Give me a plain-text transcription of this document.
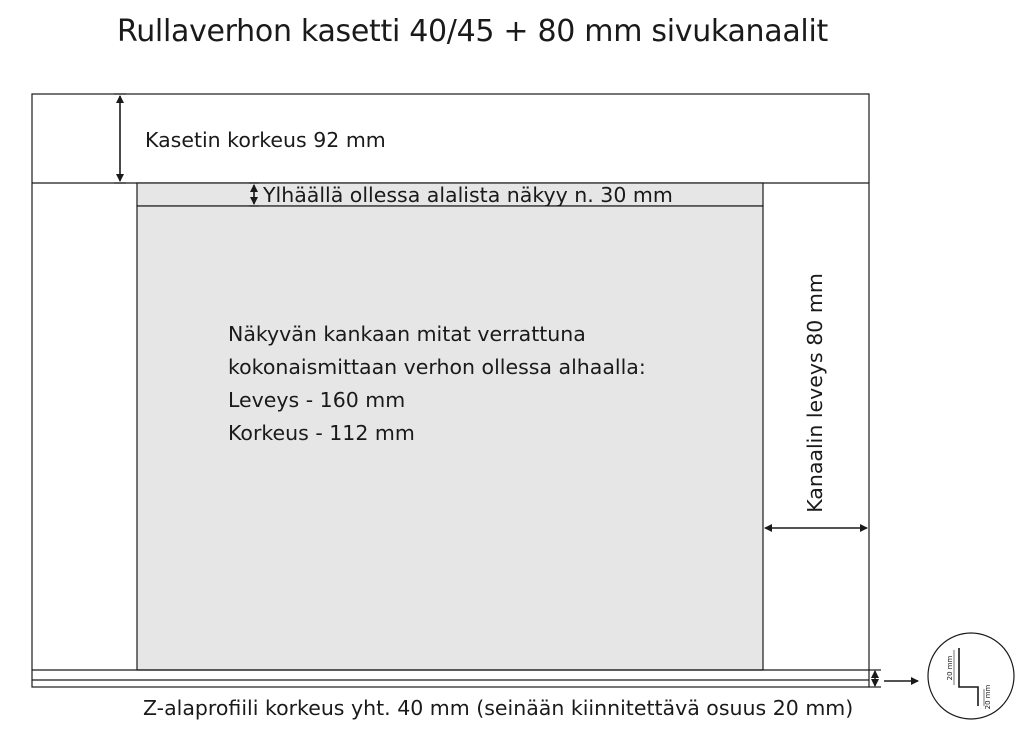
Rullaverhon kasetti 40/45 + 80 mm sivukanaalit
20 mm
20 mm
Kanaalin leveys 80 mm
Kasetin korkeus 92 mm
Ylhäällä ollessa alalista näkyy n. 30 mm
Näkyvän kankaan mitat verrattuna
kokonaismittaan verhon ollessa alhaalla:
Leveys - 160 mm
Korkeus - 112 mm
Z-alaprofiili korkeus yht. 40 mm (seinään kiinnitettävä osuus 20 mm)
